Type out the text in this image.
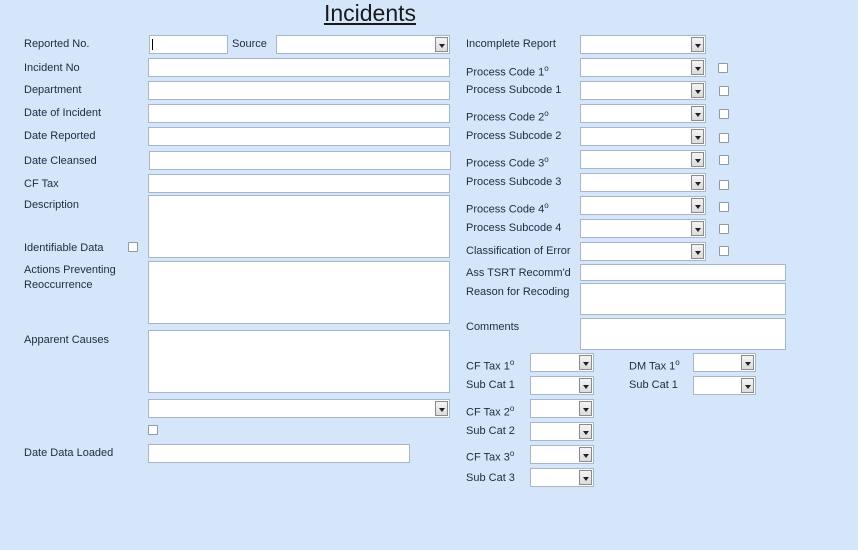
Incidents
Reported No.	Source
Incident No
Department
Date of Incident
Date Reported
Date Cleansed
CF Tax
Description
Identifiable Data
Actions Preventing
Reoccurrence
Apparent Causes
Date Data Loaded
Incomplete Report
Process Code 1$^o$
Process Subcode 1
Process Code 2$^o$
Process Subcode 2
Process Code 3$^o$
Process Subcode 3
Process Code 4$^o$
Process Subcode 4
Classification of Error
Ass TSRT Recomm'd
Reason for Recoding
Comments
CF Tax 1$^o$	DM Tax 1$^o$
Sub Cat 1	Sub Cat 1
CF Tax 2$^o$
Sub Cat 2
CF Tax 3$^o$
Sub Cat 3
